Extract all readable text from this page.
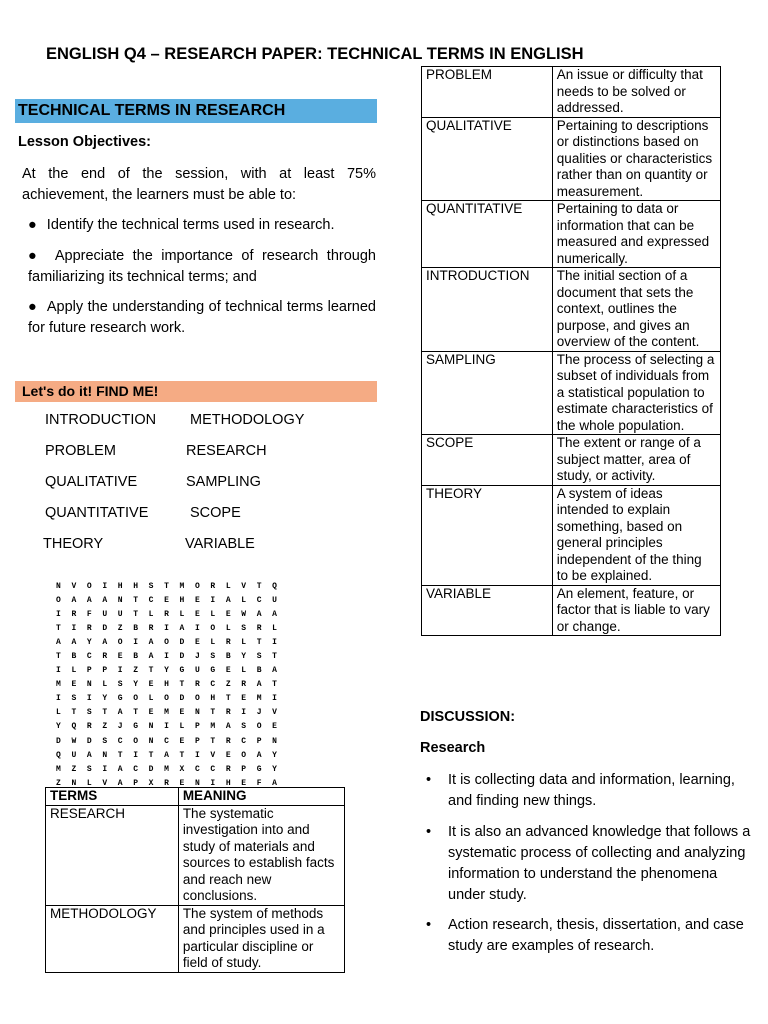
ENGLISH Q4 – RESEARCH PAPER: TECHNICAL TERMS IN ENGLISH
TECHNICAL TERMS IN RESEARCH
Lesson Objectives:
At the end of the session, with at least 75% achievement, the learners must be able to:
● Identify the technical terms used in research.
● Appreciate the importance of research through familiarizing its technical terms; and
● Apply the understanding of technical terms learned for future research work.
Let's do it! FIND ME!
INTRODUCTION
PROBLEM
QUALITATIVE
QUANTITATIVE
THEORY
METHODOLOGY
RESEARCH
SAMPLING
SCOPE
VARIABLE
N V O I H H S T M O R L V T Q
O A A A N T C E H E I A L C U
I R F U U T L R L E L E W A A
T I R D Z B R I A I O L S R L
A A Y A O I A O D E L R L T I
T B C R E B A I D J S B Y S T
I L P P I Z T Y G U G E L B A
M E N L S Y E H T R C Z R A T
I S I Y G O L O D O H T E M I
L T S T A T E M E N T R I J V
Y Q R Z J G N I L P M A S O E
D W D S C O N C E P T R C P N
Q U A N T I T A T I V E O A Y
M Z S I A C D M X C C R P G Y
Z N L V A P X R E N I H E F A
TERMS	MEANING
RESEARCH	The systematic investigation into and study of materials and sources to establish facts and reach new conclusions.
METHODOLOGY	The system of methods and principles used in a particular discipline or field of study.
PROBLEM	An issue or difficulty that needs to be solved or addressed.
QUALITATIVE	Pertaining to descriptions or distinctions based on qualities or characteristics rather than on quantity or measurement.
QUANTITATIVE	Pertaining to data or information that can be measured and expressed numerically.
INTRODUCTION	The initial section of a document that sets the context, outlines the purpose, and gives an overview of the content.
SAMPLING	The process of selecting a subset of individuals from a statistical population to estimate characteristics of the whole population.
SCOPE	The extent or range of a subject matter, area of study, or activity.
THEORY	A system of ideas intended to explain something, based on general principles independent of the thing to be explained.
VARIABLE	An element, feature, or factor that is liable to vary or change.
DISCUSSION:
Research
• It is collecting data and information, learning, and finding new things.
• It is also an advanced knowledge that follows a systematic process of collecting and analyzing information to understand the phenomena under study.
• Action research, thesis, dissertation, and case study are examples of research.
